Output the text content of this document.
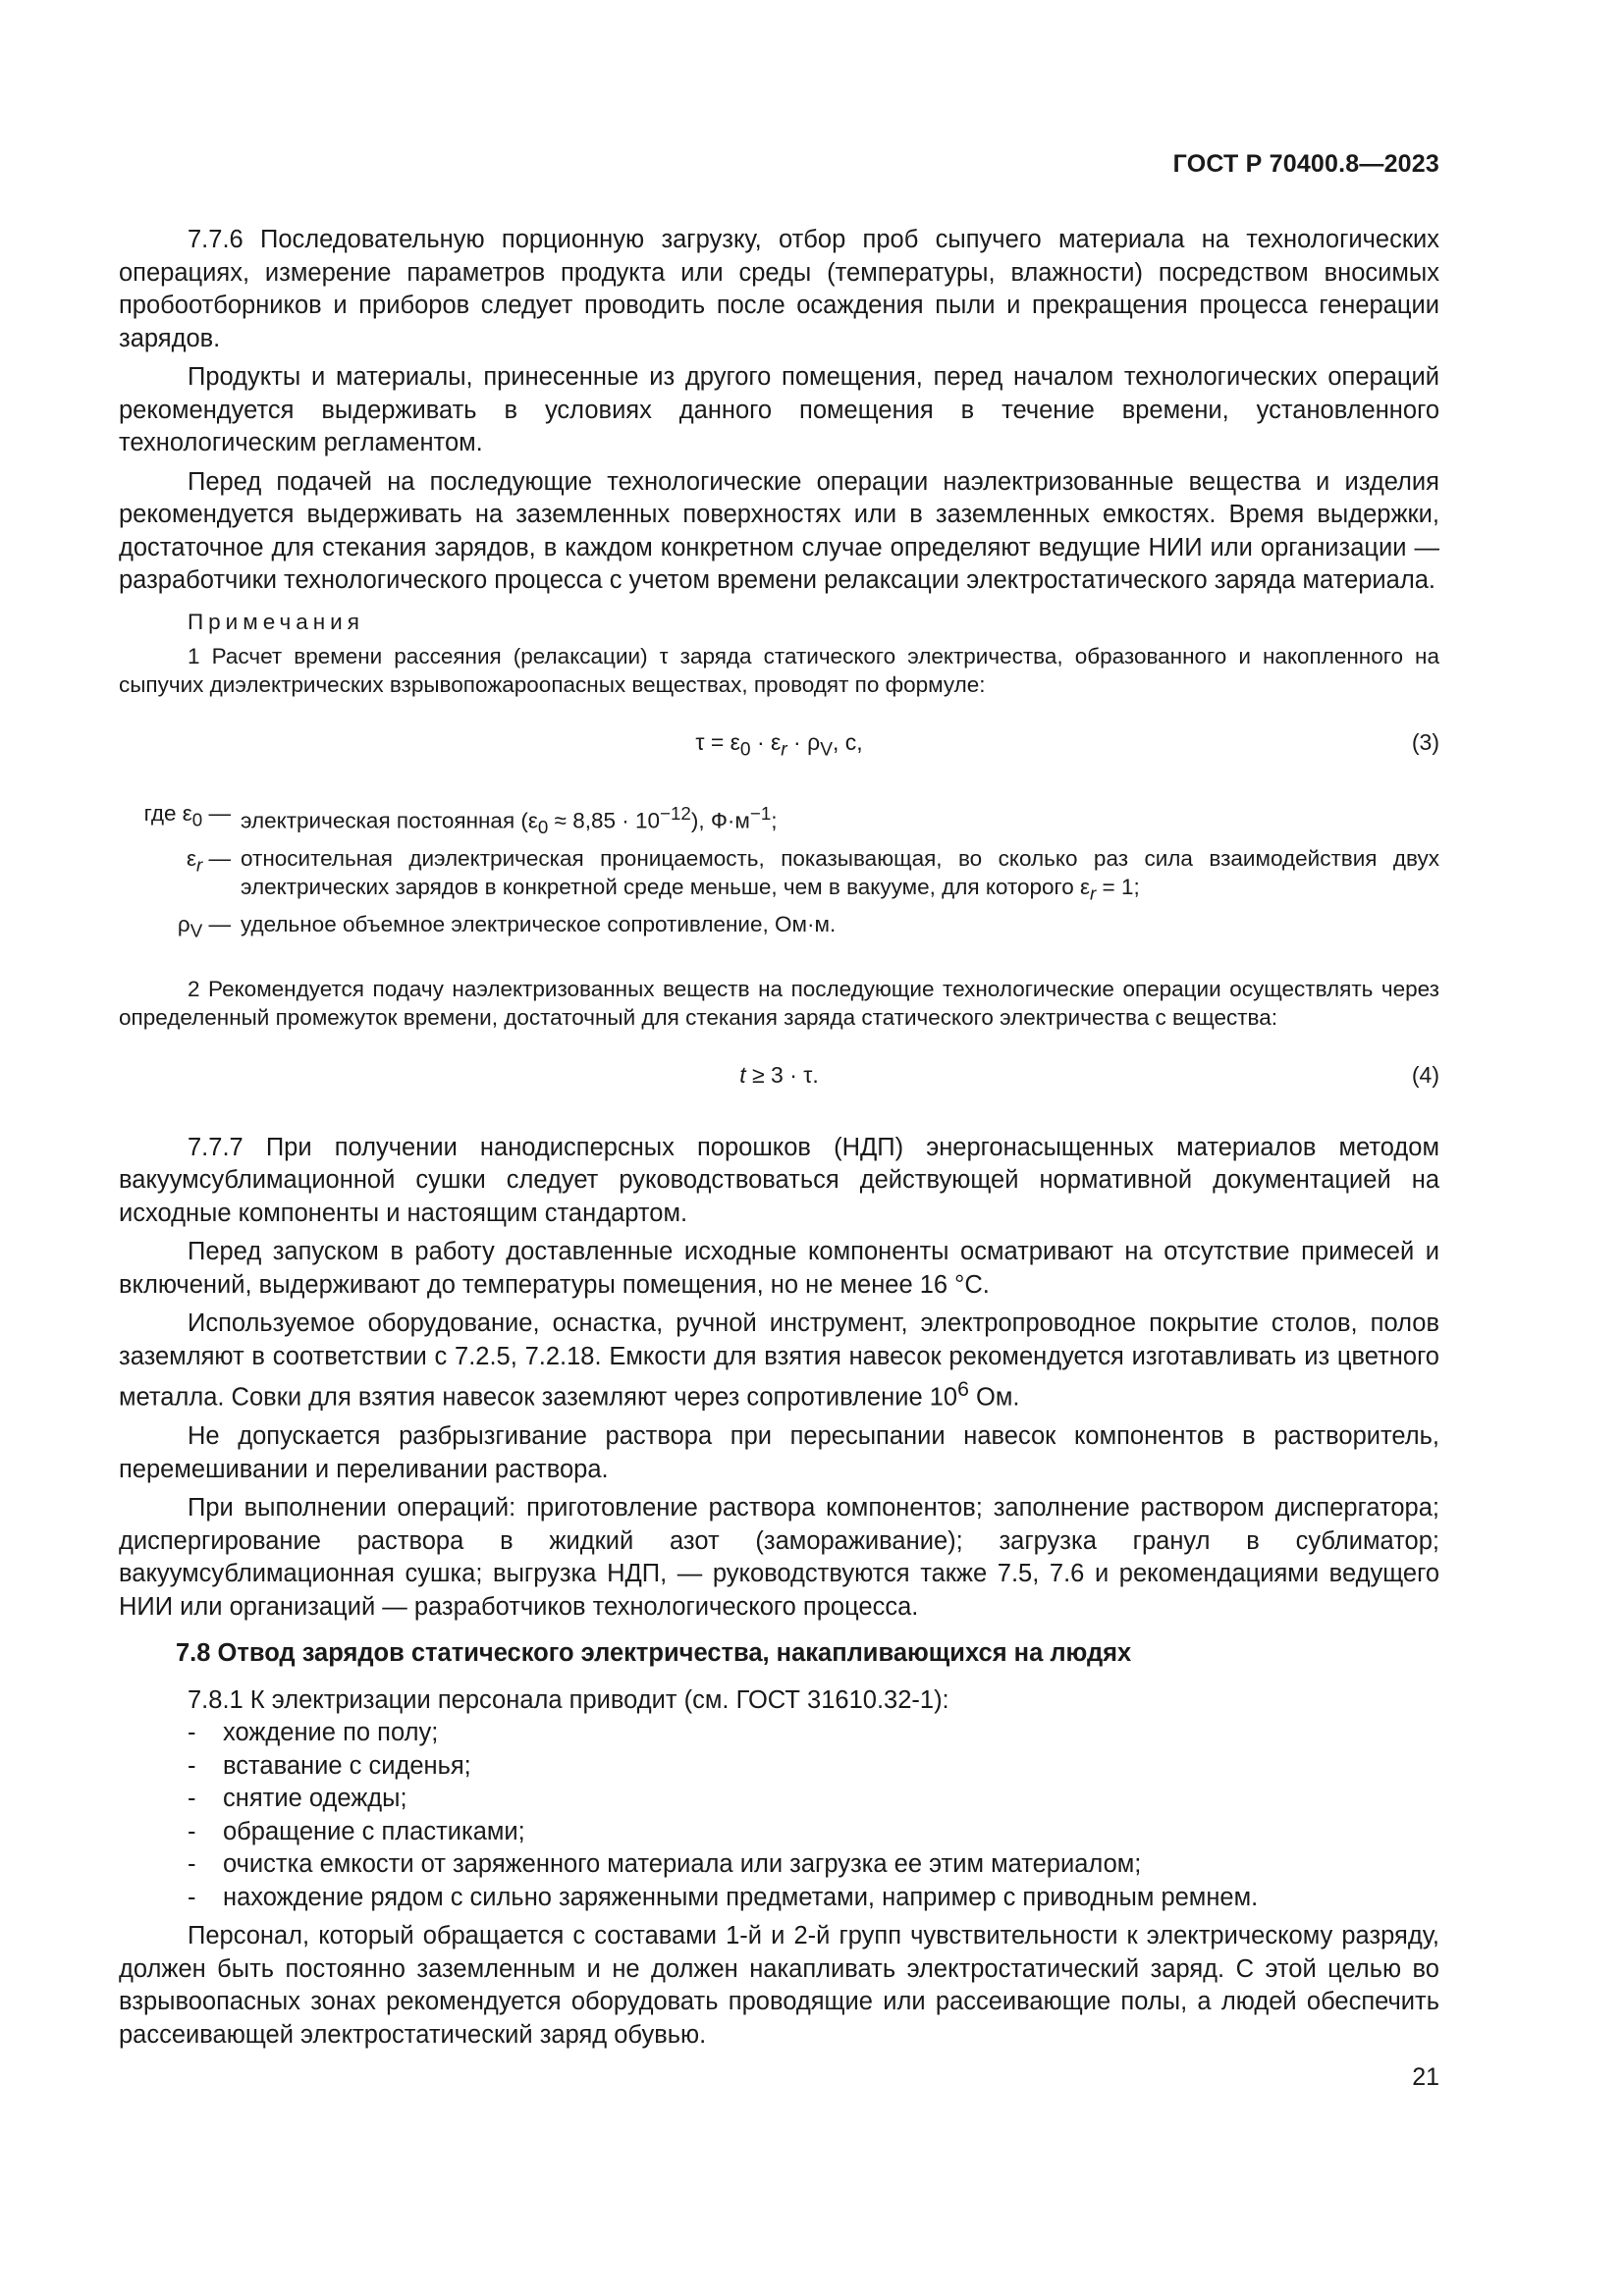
ГОСТ Р 70400.8—2023

7.7.6 Последовательную порционную загрузку, отбор проб сыпучего материала на технологических операциях, измерение параметров продукта или среды (температуры, влажности) посредством вносимых пробоотборников и приборов следует проводить после осаждения пыли и прекращения процесса генерации зарядов.

Продукты и материалы, принесенные из другого помещения, перед началом технологических операций рекомендуется выдерживать в условиях данного помещения в течение времени, установленного технологическим регламентом.

Перед подачей на последующие технологические операции наэлектризованные вещества и изделия рекомендуется выдерживать на заземленных поверхностях или в заземленных емкостях. Время выдержки, достаточное для стекания зарядов, в каждом конкретном случае определяют ведущие НИИ или организации — разработчики технологического процесса с учетом времени релаксации электростатического заряда материала.

Примечания

1 Расчет времени рассеяния (релаксации) τ заряда статического электричества, образованного и накопленного на сыпучих диэлектрических взрывопожароопасных веществах, проводят по формуле:

$\tau = \varepsilon_0 \cdot \varepsilon_r \cdot \rho_V$, с,	(3)
где $\varepsilon_0$ — электрическая постоянная $(\varepsilon_0 \approx 8,85 \cdot 10^{-12})$, $Ф\cdot м^{-1}$;
$\varepsilon_r$ — относительная диэлектрическая проницаемость, показывающая, во сколько раз сила взаимодействия двух электрических зарядов в конкретной среде меньше, чем в вакууме, для которого $\varepsilon_r = 1$;
$\rho_V$ — удельное объемное электрическое сопротивление, Ом·м.

2 Рекомендуется подачу наэлектризованных веществ на последующие технологические операции осуществлять через определенный промежуток времени, достаточный для стекания заряда статического электричества с вещества:

t ≥ 3 · τ.	(4)

7.7.7 При получении нанодисперсных порошков (НДП) энергонасыщенных материалов методом вакуумсублимационной сушки следует руководствоваться действующей нормативной документацией на исходные компоненты и настоящим стандартом.

Перед запуском в работу доставленные исходные компоненты осматривают на отсутствие примесей и включений, выдерживают до температуры помещения, но не менее 16 °С.

Используемое оборудование, оснастка, ручной инструмент, электропроводное покрытие столов, полов заземляют в соответствии с 7.2.5, 7.2.18. Емкости для взятия навесок рекомендуется изготавливать из цветного металла. Совки для взятия навесок заземляют через сопротивление $10^6$ Ом.

Не допускается разбрызгивание раствора при пересыпании навесок компонентов в растворитель, перемешивании и переливании раствора.

При выполнении операций: приготовление раствора компонентов; заполнение раствором диспергатора; диспергирование раствора в жидкий азот (замораживание); загрузка гранул в сублиматор; вакуумсублимационная сушка; выгрузка НДП, — руководствуются также 7.5, 7.6 и рекомендациями ведущего НИИ или организаций — разработчиков технологического процесса.

7.8 Отвод зарядов статического электричества, накапливающихся на людях

7.8.1 К электризации персонала приводит (см. ГОСТ 31610.32-1):

- хождение по полу;
- вставание с сиденья;
- снятие одежды;
- обращение с пластиками;
- очистка емкости от заряженного материала или загрузка ее этим материалом;
- нахождение рядом с сильно заряженными предметами, например с приводным ремнем.

Персонал, который обращается с составами 1-й и 2-й групп чувствительности к электрическому разряду, должен быть постоянно заземленным и не должен накапливать электростатический заряд. С этой целью во взрывоопасных зонах рекомендуется оборудовать проводящие или рассеивающие полы, а людей обеспечить рассеивающей электростатический заряд обувью.

21
